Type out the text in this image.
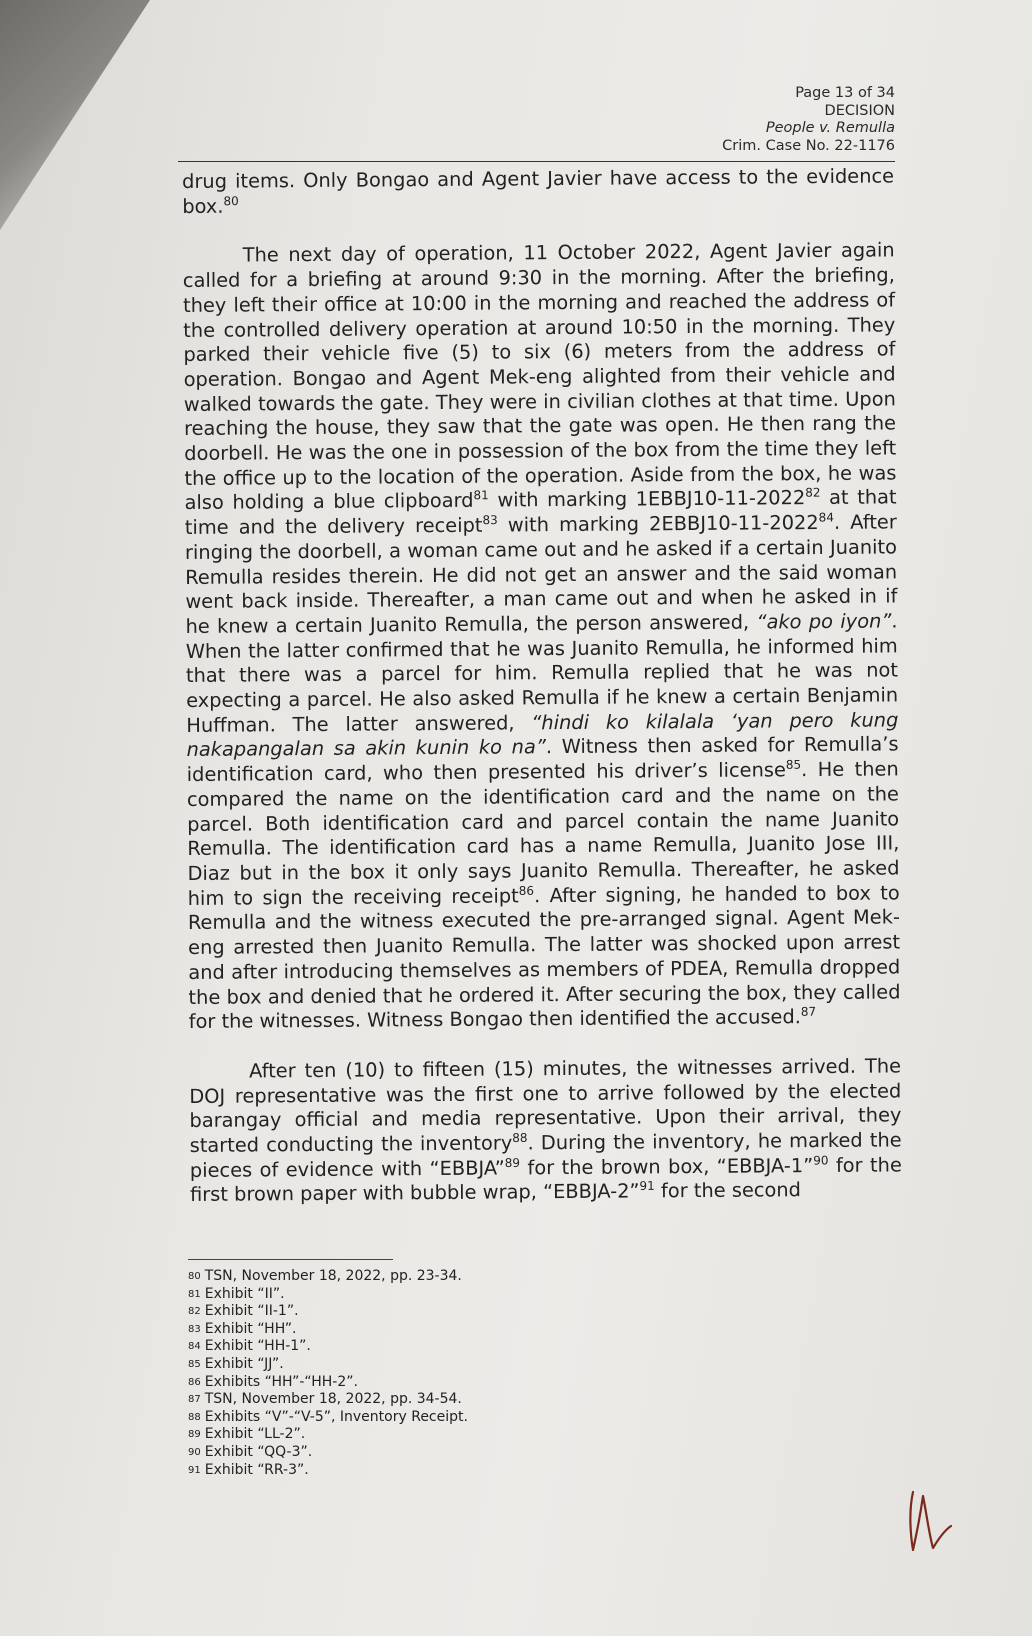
Page 13 of 34
DECISION
People v. Remulla
Crim. Case No. 22-1176

drug items. Only Bongao and Agent Javier have access to the evidence box.$^{80}$

The next day of operation, 11 October 2022, Agent Javier again called for a briefing at around 9:30 in the morning. After the briefing, they left their office at 10:00 in the morning and reached the address of the controlled delivery operation at around 10:50 in the morning. They parked their vehicle five (5) to six (6) meters from the address of operation. Bongao and Agent Mek-eng alighted from their vehicle and walked towards the gate. They were in civilian clothes at that time. Upon reaching the house, they saw that the gate was open. He then rang the doorbell. He was the one in possession of the box from the time they left the office up to the location of the operation. Aside from the box, he was also holding a blue clipboard$^{81}$ with marking 1EBBJ10-11-2022$^{82}$ at that time and the delivery receipt$^{83}$ with marking 2EBBJ10-11-2022$^{84}$. After ringing the doorbell, a woman came out and he asked if a certain Juanito Remulla resides therein. He did not get an answer and the said woman went back inside. Thereafter, a man came out and when he asked in if he knew a certain Juanito Remulla, the person answered, “ako po iyon”. When the latter confirmed that he was Juanito Remulla, he informed him that there was a parcel for him. Remulla replied that he was not expecting a parcel. He also asked Remulla if he knew a certain Benjamin Huffman. The latter answered, “hindi ko kilalala ‘yan pero kung nakapangalan sa akin kunin ko na”. Witness then asked for Remulla’s identification card, who then presented his driver’s license$^{85}$. He then compared the name on the identification card and the name on the parcel. Both identification card and parcel contain the name Juanito Remulla. The identification card has a name Remulla, Juanito Jose III, Diaz but in the box it only says Juanito Remulla. Thereafter, he asked him to sign the receiving receipt$^{86}$. After signing, he handed to box to Remulla and the witness executed the pre-arranged signal. Agent Mek-eng arrested then Juanito Remulla. The latter was shocked upon arrest and after introducing themselves as members of PDEA, Remulla dropped the box and denied that he ordered it. After securing the box, they called for the witnesses. Witness Bongao then identified the accused.$^{87}$

After ten (10) to fifteen (15) minutes, the witnesses arrived. The DOJ representative was the first one to arrive followed by the elected barangay official and media representative. Upon their arrival, they started conducting the inventory$^{88}$. During the inventory, he marked the pieces of evidence with “EBBJA”$^{89}$ for the brown box, “EBBJA-1”$^{90}$ for the first brown paper with bubble wrap, “EBBJA-2”$^{91}$ for the second

80 TSN, November 18, 2022, pp. 23-34.
81 Exhibit “II”.
82 Exhibit “II-1”.
83 Exhibit “HH”.
84 Exhibit “HH-1”.
85 Exhibit “JJ”.
86 Exhibits “HH”-“HH-2”.
87 TSN, November 18, 2022, pp. 34-54.
88 Exhibits “V”-“V-5”, Inventory Receipt.
89 Exhibit “LL-2”.
90 Exhibit “QQ-3”.
91 Exhibit “RR-3”.
